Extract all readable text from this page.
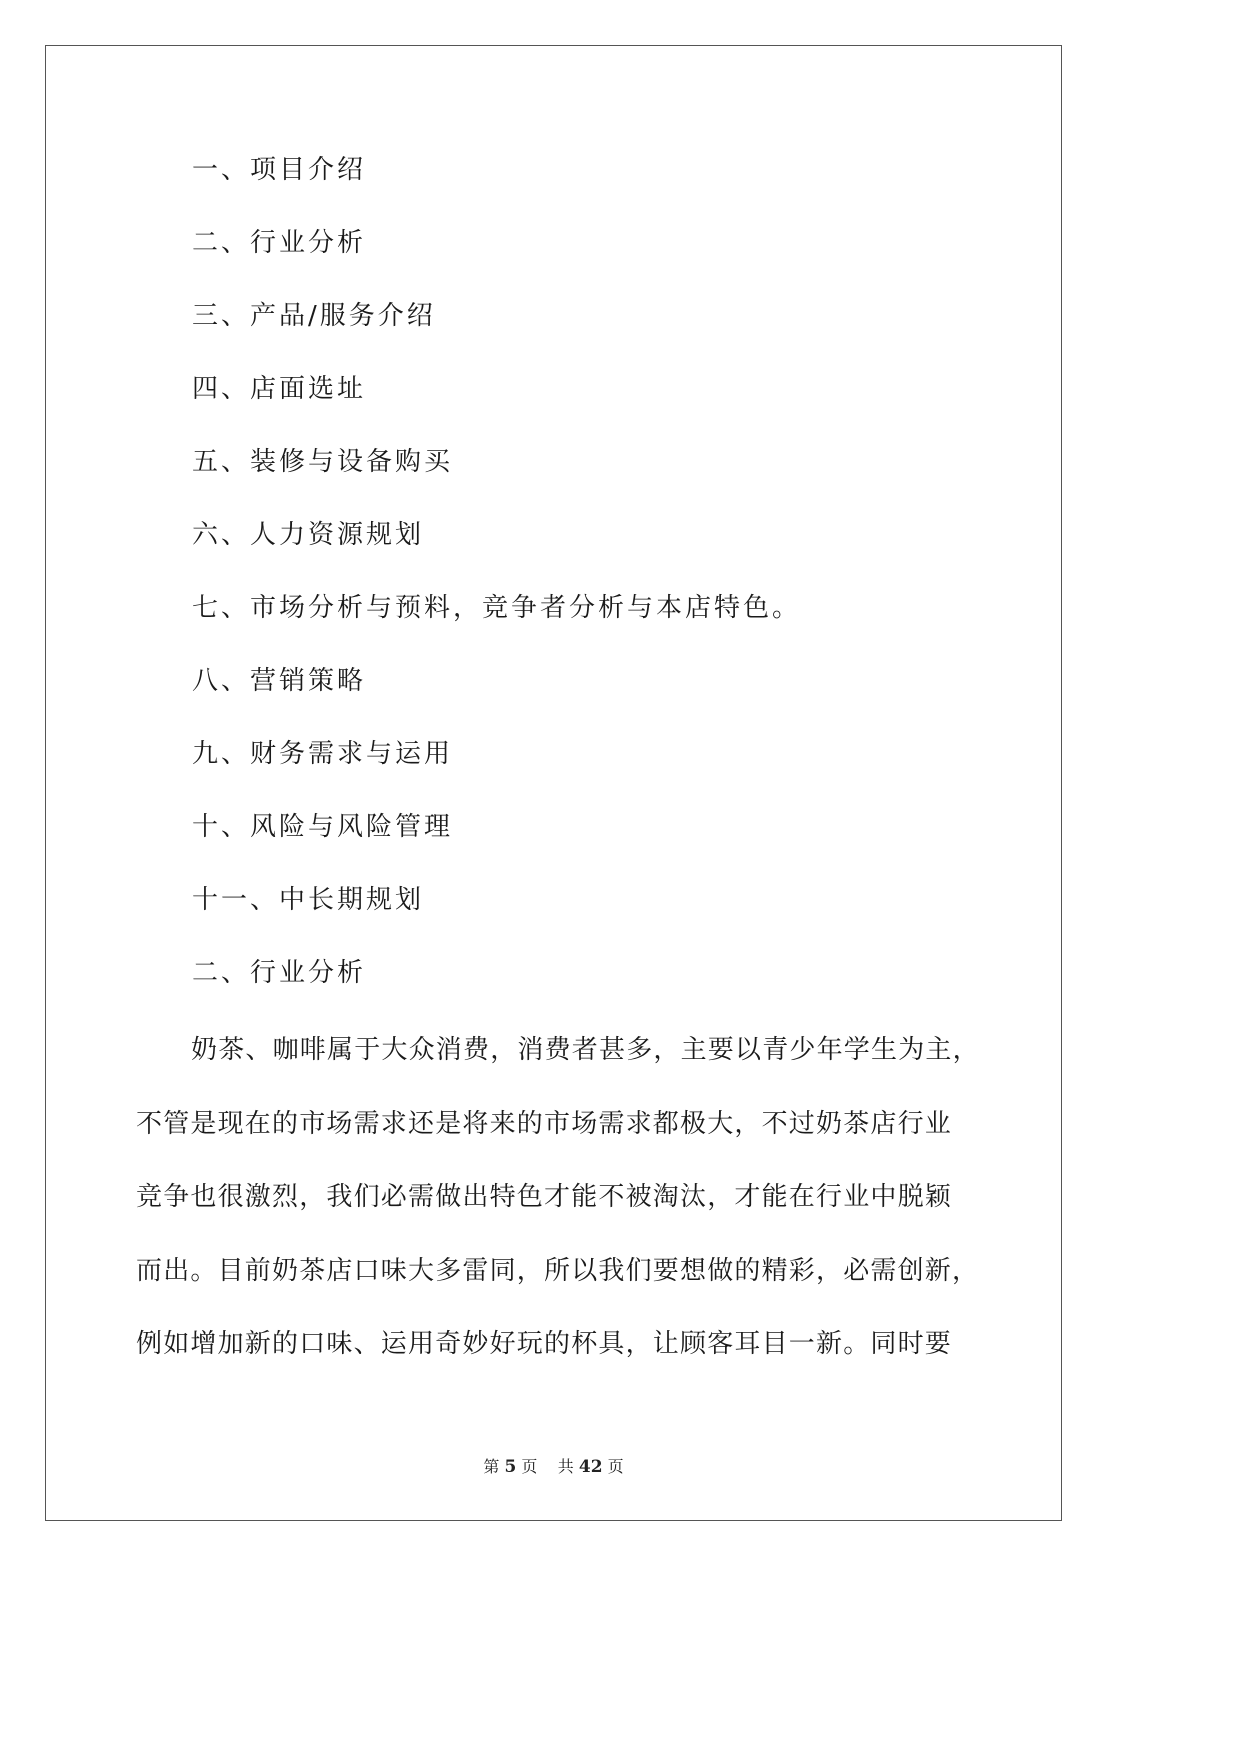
一、项目介绍
二、行业分析
三、产品/服务介绍
四、店面选址
五、装修与设备购买
六、人力资源规划
七、市场分析与预料，竞争者分析与本店特色。
八、营销策略
九、财务需求与运用
十、风险与风险管理
十一、中长期规划
二、行业分析

奶茶、咖啡属于大众消费，消费者甚多，主要以青少年学生为主，
不管是现在的市场需求还是将来的市场需求都极大，不过奶茶店行业
竞争也很激烈，我们必需做出特色才能不被淘汰，才能在行业中脱颖
而出。目前奶茶店口味大多雷同，所以我们要想做的精彩，必需创新，
例如增加新的口味、运用奇妙好玩的杯具，让顾客耳目一新。同时要

第 5 页 共 42 页
